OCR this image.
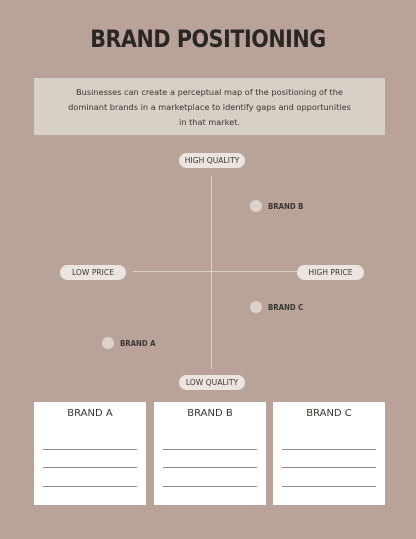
BRAND POSITIONING
Businesses can create a perceptual map of the positioning of the dominant brands in a marketplace to identify gaps and opportunities in that market.
HIGH QUALITY
LOW QUALITY
LOW PRICE	HIGH PRICE
BRAND B
BRAND C
BRAND A
BRAND A	BRAND B	BRAND C
